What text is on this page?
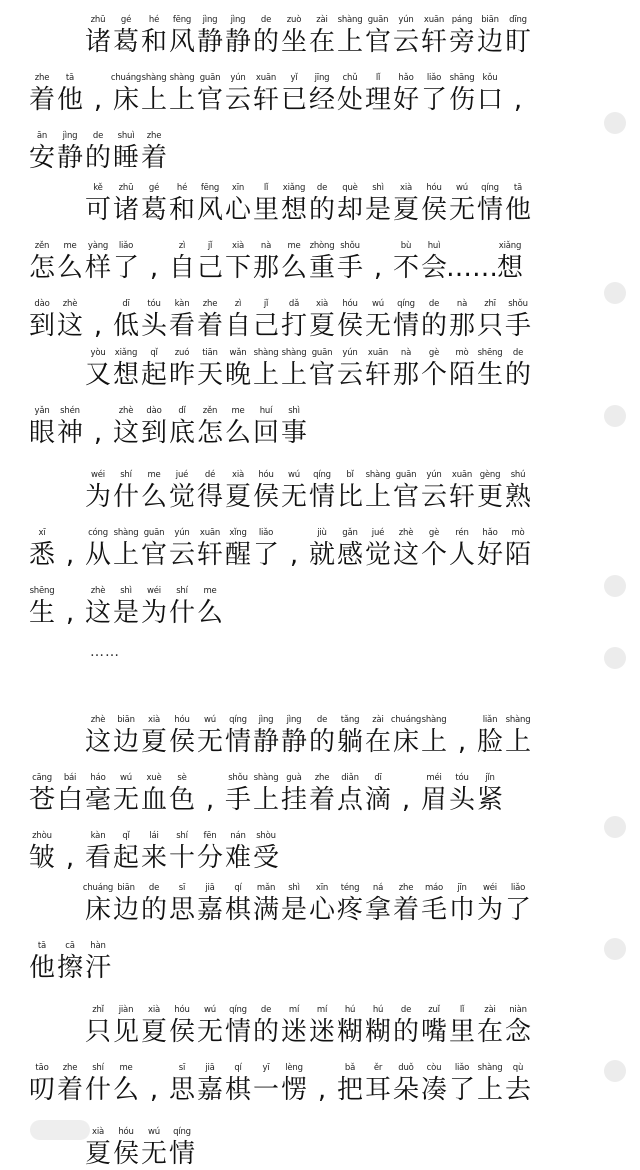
zhū
诸
gé
葛
hé
和
fēng
风
jìng
静
jìng
静
de
的
zuò
坐
zài
在
shàng
上
guān
官
yún
云
xuān
轩
páng
旁
biān
边
dīng
盯
zhe
着
tā
他 ,
chuáng
床
shàng
上
shàng
上
guān
官
yún
云
xuān
轩
yǐ
已
jīng
经
chǔ
处
lǐ
理
hǎo
好
liǎo
了
shāng
伤
kǒu
口 ,
ān
安
jìng
静
de
的
shuì
睡
zhe
着
kě
可
zhū
诸
gé
葛
hé
和
fēng
风
xīn
心
lǐ
里
xiǎng
想
de
的
què
却
shì
是
xià
夏
hóu
侯
wú
无
qíng
情
tā
他
zěn
怎
me
么
yàng
样
liǎo
了 ,
zì
自
jǐ
己
xià
下
nà
那
me
么
zhòng
重
shǒu
手 ,
bù
不
huì
会 ……
xiǎng
想
dào
到
zhè
这 ,
dī
低
tóu
头
kàn
看
zhe
着
zì
自
jǐ
己
dǎ
打
xià
夏
hóu
侯
wú
无
qíng
情
de
的
nà
那
zhī
只
shǒu
手
yòu
又
xiǎng
想
qǐ
起
zuó
昨
tiān
天
wǎn
晚
shàng
上
shàng
上
guān
官
yún
云
xuān
轩
nà
那
gè
个
mò
陌
shēng
生
de
的
yǎn
眼
shén
神 ,
zhè
这
dào
到
dǐ
底
zěn
怎
me
么
huí
回
shì
事
wéi
为
shí
什
me
么
jué
觉
dé
得
xià
夏
hóu
侯
wú
无
qíng
情
bǐ
比
shàng
上
guān
官
yún
云
xuān
轩
gèng
更
shú
熟
xī
悉 ,
cóng
从
shàng
上
guān
官
yún
云
xuān
轩
xǐng
醒
liǎo
了 ,
jiù
就
gǎn
感
jué
觉
zhè
这
gè
个
rén
人
hǎo
好
mò
陌
shēng
生 ,
zhè
这
shì
是
wéi
为
shí
什
me
么
zhè
这
biān
边
xià
夏
hóu
侯
wú
无
qíng
情
jìng
静
jìng
静
de
的
tǎng
躺
zài
在
chuáng
床
shàng
上 ,
liǎn
脸
shàng
上
cāng
苍
bái
白
háo
毫
wú
无
xuè
血
sè
色 ,
shǒu
手
shàng
上
guà
挂
zhe
着
diǎn
点
dī
滴 ,
méi
眉
tóu
头
jǐn
紧
zhòu
皱 ,
kàn
看
qǐ
起
lái
来
shí
十
fēn
分
nán
难
shòu
受
chuáng
床
biān
边
de
的
sī
思
jiā
嘉
qí
棋
mǎn
满
shì
是
xīn
心
téng
疼
ná
拿
zhe
着
máo
毛
jīn
巾
wéi
为
liǎo
了
tā
他
cā
擦
hàn
汗
zhǐ
只
jiàn
见
xià
夏
hóu
侯
wú
无
qíng
情
de
的
mí
迷
mí
迷
hú
糊
hú
糊
de
的
zuǐ
嘴
lǐ
里
zài
在
niàn
念
tāo
叨
zhe
着
shí
什
me
么 ,
sī
思
jiā
嘉
qí
棋
yī
一
lèng
愣 ,
bǎ
把
ěr
耳
duǒ
朵
còu
凑
liǎo
了
shàng
上
qù
去
xià
夏
hóu
侯
wú
无
qíng
情
……
